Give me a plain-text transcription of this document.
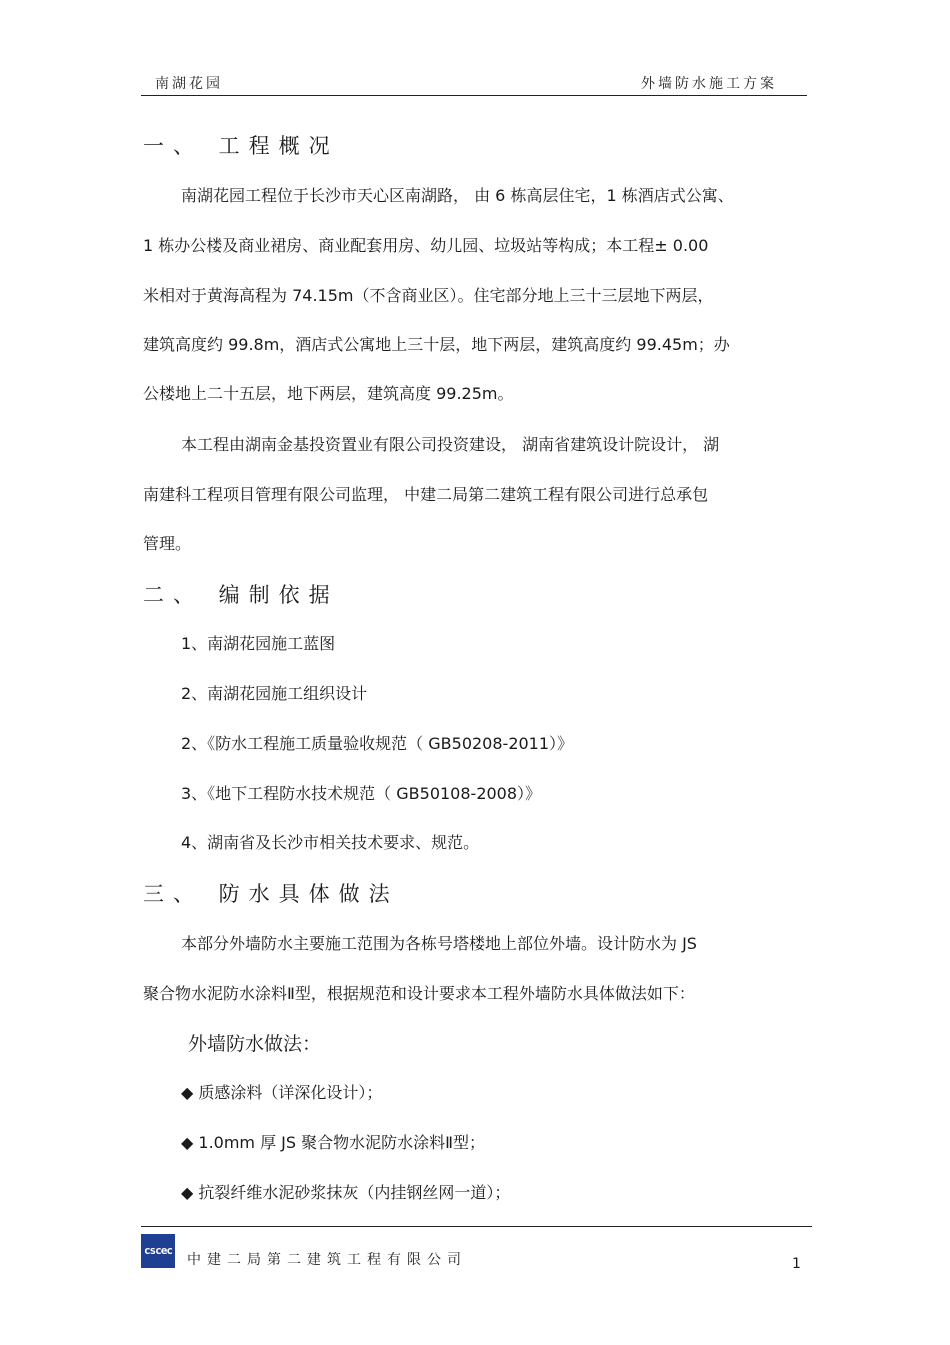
南湖花园	外墙防水施工方案
一、 工程概况
南湖花园工程位于长沙市天心区南湖路， 由 6 栋高层住宅，1 栋酒店式公寓、
1 栋办公楼及商业裙房、商业配套用房、幼儿园、垃圾站等构成；本工程± 0.00
米相对于黄海高程为 74.15m（不含商业区）。住宅部分地上三十三层地下两层，
建筑高度约 99.8m，酒店式公寓地上三十层，地下两层，建筑高度约 99.45m；办
公楼地上二十五层，地下两层，建筑高度 99.25m。
本工程由湖南金基投资置业有限公司投资建设， 湖南省建筑设计院设计， 湖
南建科工程项目管理有限公司监理， 中建二局第二建筑工程有限公司进行总承包
管理。
二、 编制依据
1、南湖花园施工蓝图
2、南湖花园施工组织设计
2、《防水工程施工质量验收规范（ GB50208-2011）》
3、《地下工程防水技术规范（ GB50108-2008）》
4、湖南省及长沙市相关技术要求、规范。
三、 防水具体做法
本部分外墙防水主要施工范围为各栋号塔楼地上部位外墙。设计防水为 JS
聚合物水泥防水涂料Ⅱ型，根据规范和设计要求本工程外墙防水具体做法如下：
外墙防水做法：
◆ 质感涂料（详深化设计）；
◆ 1.0mm 厚 JS 聚合物水泥防水涂料Ⅱ型；
◆ 抗裂纤维水泥砂浆抹灰（内挂钢丝网一道）；
cscec
中建二局第二建筑工程有限公司	1
